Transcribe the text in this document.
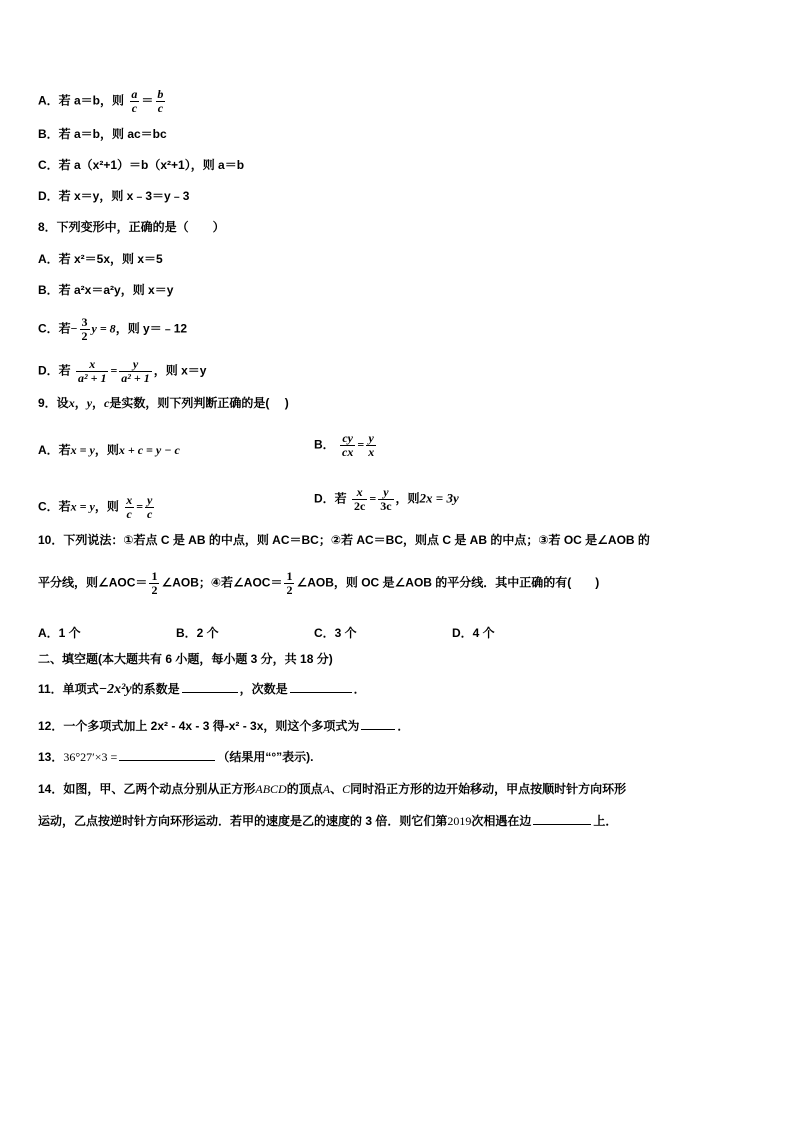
A．若 a＝b，则 $\frac{a}{c} = \frac{b}{c}$
B．若 a＝b，则 ac＝bc
C．若 a（x²+1）＝b（x²+1），则 a＝b
D．若 x＝y，则 x﹣3＝y﹣3
8．下列变形中，正确的是（　　）
A．若 x²＝5x，则 x＝5
B．若 a²x＝a²y，则 x＝y
C．若− $\frac{3}{2}$ y = 8，则 y＝﹣12
D．若 $\frac{x}{\text{a² + 1}} = \frac{y}{\text{a² + 1}}$ ，则 x＝y
9．设x，y，c是实数，则下列判断正确的是(　 )
A．若x = y，则x + c = y − c	B． $\frac{cy}{cx} = \frac{y}{x}$
C．若x = y，则 $\frac{x}{c} = \frac{y}{c}$	D．若 $\frac{x}{2c} = \frac{y}{3c}$ ，则2x = 3y
10．下列说法：①若点 C 是 AB 的中点，则 AC＝BC；②若 AC＝BC，则点 C 是 AB 的中点；③若 OC 是∠AOB 的
平分线，则∠AOC＝ $\frac{1}{2}$ ∠AOB；④若∠AOC＝ $\frac{1}{2}$ ∠AOB，则 OC 是∠AOB 的平分线．其中正确的有(　　)
A．1 个	B．2 个	C．3 个	D．4 个
二、填空题(本大题共有 6 小题，每小题 3 分，共 18 分)
11．单项式−2x²y的系数是	，次数是	．
12．一个多项式加上 2x² - 4x - 3 得-x² - 3x，则这个多项式为	．
13．36°27′×3 =	（结果用“°”表示).
14．如图，甲、乙两个动点分别从正方形ABCD的顶点A、C同时沿正方形的边开始移动，甲点按顺时针方向环形
运动，乙点按逆时针方向环形运动．若甲的速度是乙的速度的 3 倍．则它们第2019次相遇在边	上．
